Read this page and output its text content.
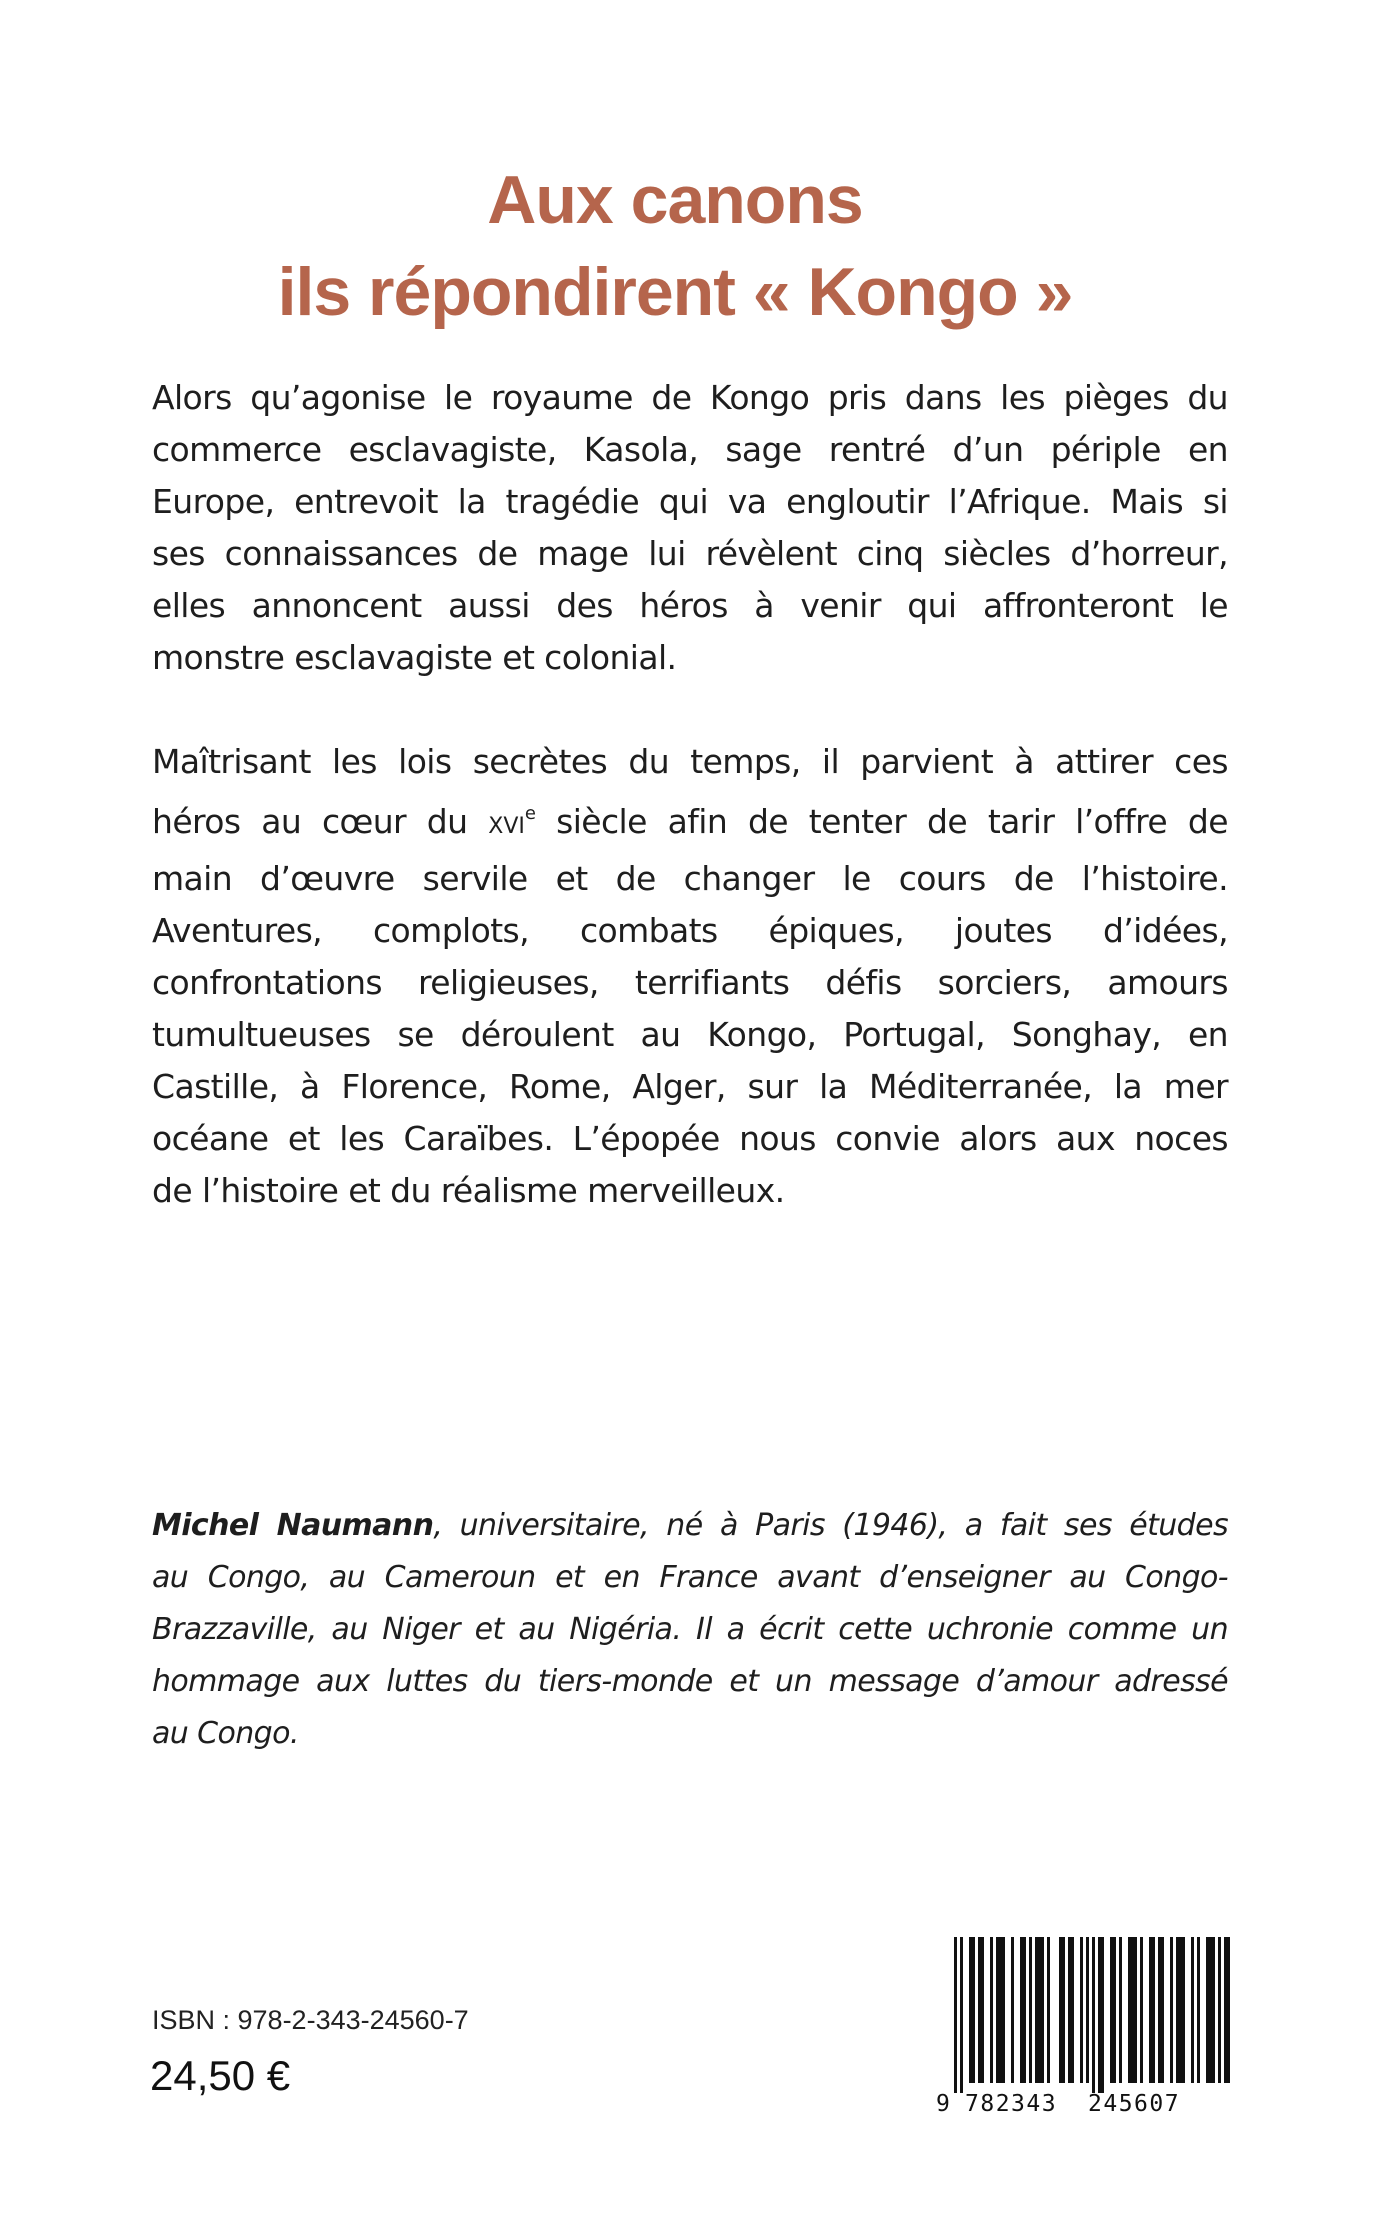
Aux canons
ils répondirent « Kongo »

Alors qu’agonise le royaume de Kongo pris dans les pièges du
commerce esclavagiste, Kasola, sage rentré d’un périple en
Europe, entrevoit la tragédie qui va engloutir l’Afrique. Mais si
ses connaissances de mage lui révèlent cinq siècles d’horreur,
elles annoncent aussi des héros à venir qui affronteront le
monstre esclavagiste et colonial.

Maîtrisant les lois secrètes du temps, il parvient à attirer ces
héros au cœur du XVIe siècle afin de tenter de tarir l’offre de
main d’œuvre servile et de changer le cours de l’histoire.
Aventures, complots, combats épiques, joutes d’idées,
confrontations religieuses, terrifiants défis sorciers, amours
tumultueuses se déroulent au Kongo, Portugal, Songhay, en
Castille, à Florence, Rome, Alger, sur la Méditerranée, la mer
océane et les Caraïbes. L’épopée nous convie alors aux noces
de l’histoire et du réalisme merveilleux.

Michel Naumann, universitaire, né à Paris (1946), a fait ses études
au Congo, au Cameroun et en France avant d’enseigner au Congo-
Brazzaville, au Niger et au Nigéria. Il a écrit cette uchronie comme un
hommage aux luttes du tiers-monde et un message d’amour adressé
au Congo.

ISBN : 978-2-343-24560-7
24,50 €
9 782343 245607
